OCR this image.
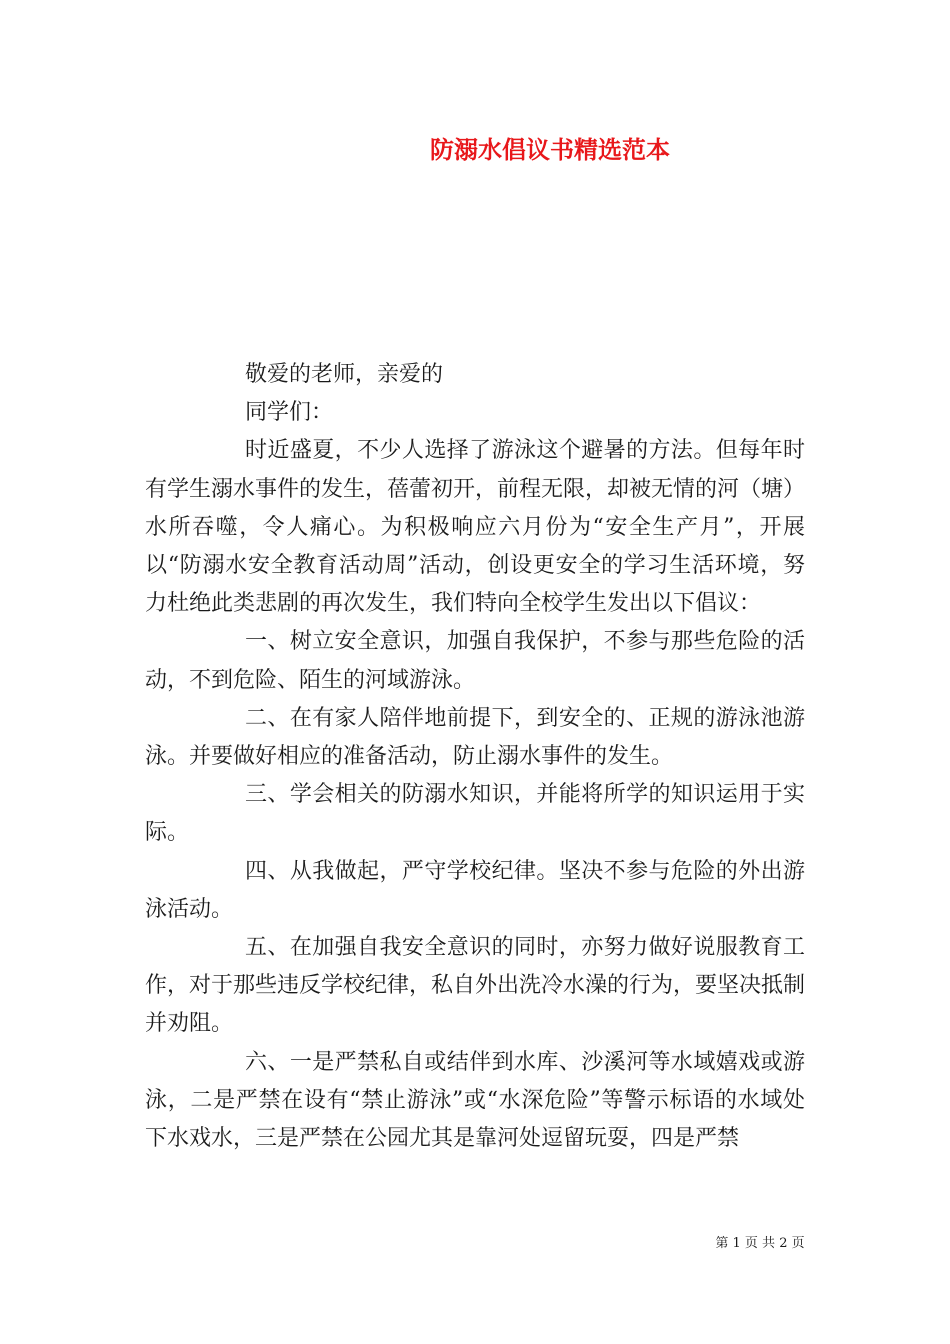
防溺水倡议书精选范本

敬爱的老师，亲爱的

同学们：

时近盛夏，不少人选择了游泳这个避暑的方法。但每年时有学生溺水事件的发生，蓓蕾初开，前程无限，却被无情的河（塘）水所吞噬，令人痛心。为积极响应六月份为“安全生产月”，开展以“防溺水安全教育活动周”活动，创设更安全的学习生活环境，努力杜绝此类悲剧的再次发生，我们特向全校学生发出以下倡议：

一、树立安全意识，加强自我保护，不参与那些危险的活动，不到危险、陌生的河域游泳。

二、在有家人陪伴地前提下，到安全的、正规的游泳池游泳。并要做好相应的准备活动，防止溺水事件的发生。

三、学会相关的防溺水知识，并能将所学的知识运用于实际。

四、从我做起，严守学校纪律。坚决不参与危险的外出游泳活动。

五、在加强自我安全意识的同时，亦努力做好说服教育工作，对于那些违反学校纪律，私自外出洗冷水澡的行为，要坚决抵制并劝阻。

六、一是严禁私自或结伴到水库、沙溪河等水域嬉戏或游泳，二是严禁在设有“禁止游泳”或“水深危险”等警示标语的水域处下水戏水，三是严禁在公园尤其是靠河处逗留玩耍，四是严禁

第 1 页 共 2 页
